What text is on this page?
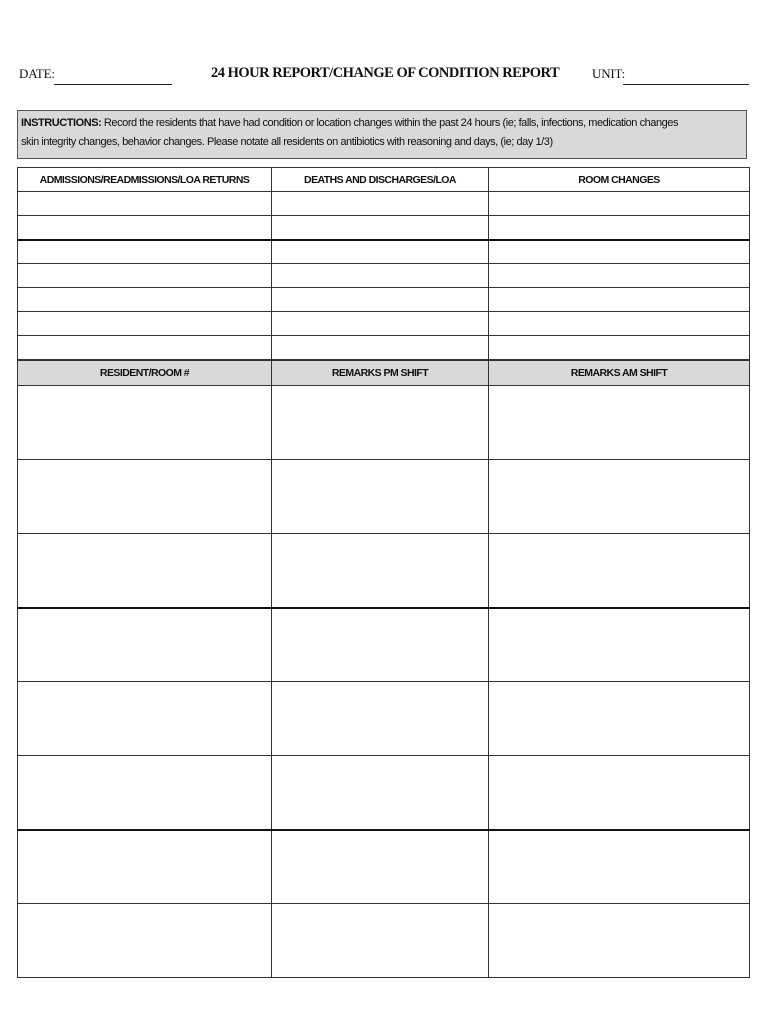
DATE:	24 HOUR REPORT/CHANGE OF CONDITION REPORT	UNIT:
INSTRUCTIONS: Record the residents that have had condition or location changes within the past 24 hours (ie; falls, infections, medication changes
skin integrity changes, behavior changes. Please notate all residents on antibiotics with reasoning and days, (ie; day 1/3)
ADMISSIONS/READMISSIONS/LOA RETURNS	DEATHS AND DISCHARGES/LOA	ROOM CHANGES

RESIDENT/ROOM #	REMARKS PM SHIFT	REMARKS AM SHIFT
